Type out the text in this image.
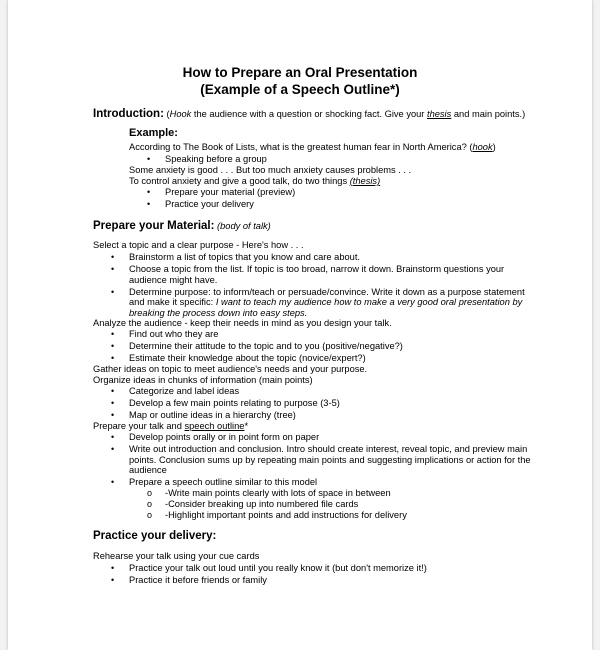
How to Prepare an Oral Presentation
(Example of a Speech Outline*)
Introduction: (Hook the audience with a question or shocking fact. Give your thesis and main points.)
Example:
According to The Book of Lists, what is the greatest human fear in North America? (hook)
• Speaking before a group
Some anxiety is good . . . But too much anxiety causes problems . . .
To control anxiety and give a good talk, do two things (thesis)
• Prepare your material (preview)
• Practice your delivery
Prepare your Material: (body of talk)
Select a topic and a clear purpose - Here's how . . .
• Brainstorm a list of topics that you know and care about.
• Choose a topic from the list. If topic is too broad, narrow it down. Brainstorm questions your
audience might have.
• Determine purpose: to inform/teach or persuade/convince. Write it down as a purpose statement
and make it specific: I want to teach my audience how to make a very good oral presentation by
breaking the process down into easy steps.
Analyze the audience - keep their needs in mind as you design your talk.
• Find out who they are
• Determine their attitude to the topic and to you (positive/negative?)
• Estimate their knowledge about the topic (novice/expert?)
Gather ideas on topic to meet audience's needs and your purpose.
Organize ideas in chunks of information (main points)
• Categorize and label ideas
• Develop a few main points relating to purpose (3-5)
• Map or outline ideas in a hierarchy (tree)
Prepare your talk and speech outline*
• Develop points orally or in point form on paper
• Write out introduction and conclusion. Intro should create interest, reveal topic, and preview main
points. Conclusion sums up by repeating main points and suggesting implications or action for the
audience
• Prepare a speech outline similar to this model
o -Write main points clearly with lots of space in between
o -Consider breaking up into numbered file cards
o -Highlight important points and add instructions for delivery
Practice your delivery:
Rehearse your talk using your cue cards
• Practice your talk out loud until you really know it (but don't memorize it!)
• Practice it before friends or family
